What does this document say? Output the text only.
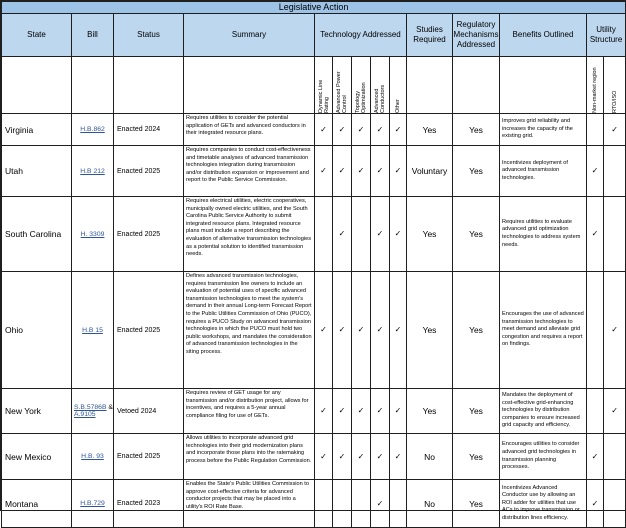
Legislative Action													
State	Bill	Status	Summary	Technology Addressed					Studies Required	Regulatory Mechanisms Addressed	Benefits Outlined	Utility Structure	

				Dynamic Line Rating	Advanced Power Control	Topology Optimization	Advanced Conductors	Other				Non-market region	RTO/ISO

Virginia	H.B.862	Enacted 2024	Requires utilities to consider the potential application of GETs and advanced conductors in their integrated resource plans.	✓	✓	✓	✓	✓	Yes	Yes	Improves grid reliability and increases the capacity of the existing grid.		✓
Utah	H.B 212	Enacted 2025	Requires companies to conduct cost-effectiveness and timetable analyses of advanced transmission technologies integration during transmission and/or distribution expansion or improvement and report to the Public Service Commission.	✓	✓	✓	✓	✓	Voluntary	Yes	Incentivizes deployment of advanced transmission technologies.	✓	
South Carolina	H. 3309	Enacted 2025	Requires electrical utilities, electric cooperatives, municipally owned electric utilities, and the South Carolina Public Service Authority to submit integrated resource plans. Integrated resource plans must include a report describing the evaluation of alternative transmission technologies as a potential solution to identified transmission needs.		✓		✓	✓	Yes	Yes	Requires utilities to evaluate advanced grid optimization technologies to address system needs.	✓	
Ohio	H.B 15	Enacted 2025	Defines advanced transmission technologies, requires transmission line owners to include an evaluation of potential uses of specific advanced transmission technologies to meet the system's demand in their annual Long-term Forecast Report to the Public Utilities Commission of Ohio (PUCO), requires a PUCO Study on advanced transmission technologies in which the PUCO must hold two public workshops, and mandates the consideration of advanced transmission technologies in the siting process.	✓	✓	✓	✓	✓	Yes	Yes	Encourages the use of advanced transmission technologies to meet demand and alleviate grid congestion and requires a report on findings.		✓
New York	S.B.5786B &
A.9105	Vetoed 2024	Requires review of GET usage for any transmission and/or distribution project, allows for incentives, and requires a 5-year annual compliance filing for use of GETs.	✓	✓	✓	✓	✓	Yes	Yes	Mandates the deployment of cost-effective grid-enhancing technologies by distribution companies to ensure increased grid capacity and efficiency.		✓
New Mexico	H.B. 93	Enacted 2025	Allows utilities to incorporate advanced grid technologies into their grid modernization plans and incorporate those plans into the ratemaking process before the Public Regulation Commission.	✓	✓	✓	✓	✓	No	Yes	Encourages utilities to consider advanced grid technologies in transmission planning processes.	✓	
Montana	H.B.729	Enacted 2023	Enables the State's Public Utilities Commission to approve cost-effective criteria for advanced conductor projects that may be placed into a utility's ROI Rate Base.				✓		No	Yes	Incentivizes Advanced Conductor use by allowing an ROI adder for utilities that use ACs to improve transmission or distribution lines efficiency.	✓	
